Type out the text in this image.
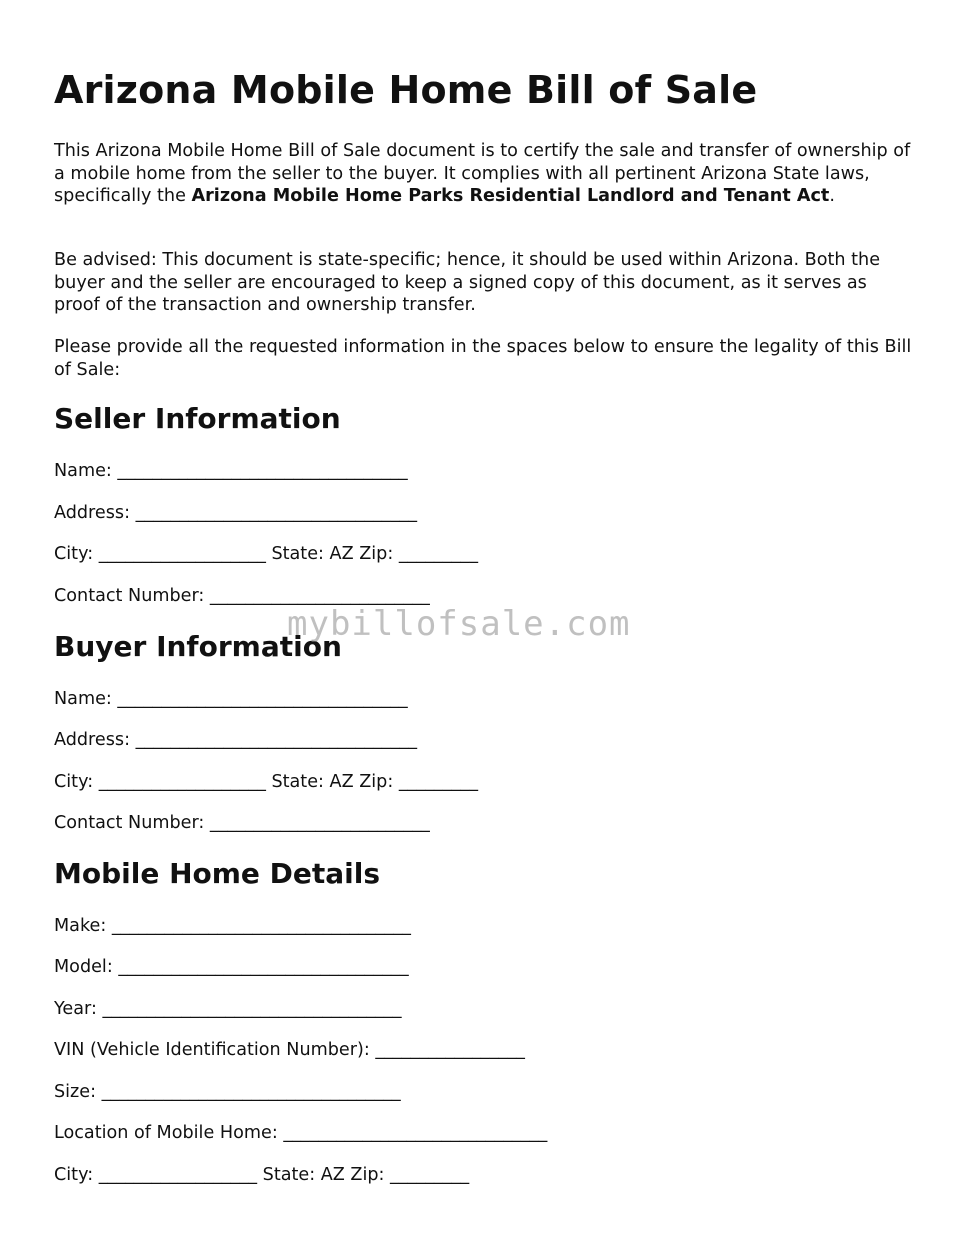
Arizona Mobile Home Bill of Sale

This Arizona Mobile Home Bill of Sale document is to certify the sale and transfer of ownership of a mobile home from the seller to the buyer. It complies with all pertinent Arizona State laws, specifically the Arizona Mobile Home Parks Residential Landlord and Tenant Act.

Be advised: This document is state-specific; hence, it should be used within Arizona. Both the buyer and the seller are encouraged to keep a signed copy of this document, as it serves as proof of the transaction and ownership transfer.

Please provide all the requested information in the spaces below to ensure the legality of this Bill of Sale:

Seller Information

Name: _________________________________

Address: ________________________________

City: ___________________ State: AZ Zip: _________

Contact Number: _________________________

Buyer Information

Name: _________________________________

Address: ________________________________

City: ___________________ State: AZ Zip: _________

Contact Number: _________________________

Mobile Home Details

Make: __________________________________

Model: _________________________________

Year: __________________________________

VIN (Vehicle Identification Number): _________________

Size: __________________________________

Location of Mobile Home: ______________________________

City: __________________ State: AZ Zip: _________

mybillofsale.com
